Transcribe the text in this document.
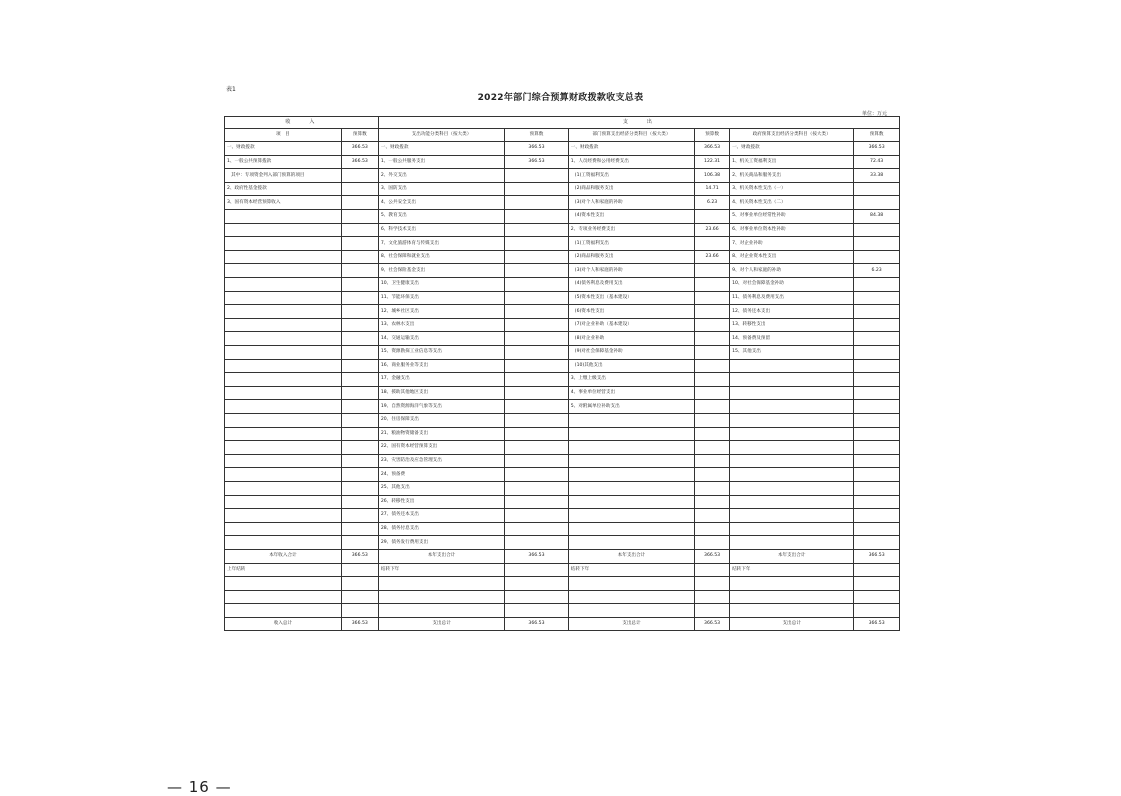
表1
2022年部门综合预算财政拨款收支总表
单位：万元
收　　入		支　　出					
项　目	预算数	支出功能分类科目（按大类）	预算数	部门预算支出经济分类科目（按大类）	预算数	政府预算支出经济分类科目（按大类）	预算数
一、财政拨款	366.53	一、财政拨款	366.53	一、财政拨款	366.53	一、财政拨款	366.53
1、一般公共预算拨款	366.53	1、一般公共服务支出	366.53	1、人员经费和公用经费支出	122.31	1、机关工资福利支出	72.43
其中：专项资金列入部门预算的项目		2、外交支出		(1)工资福利支出	106.38	2、机关商品和服务支出	33.38
2、政府性基金拨款		3、国防支出		(2)商品和服务支出	14.71	3、机关资本性支出（一）	
3、国有资本经营预算收入		4、公共安全支出		(3)对个人和家庭的补助	6.23	4、机关资本性支出（二）	
		5、教育支出		(4)资本性支出		5、对事业单位经常性补助	84.38
		6、科学技术支出		2、专项业务经费支出	23.66	6、对事业单位资本性补助	
		7、文化旅游体育与传媒支出		(1)工资福利支出		7、对企业补助	
		8、社会保障和就业支出		(2)商品和服务支出	23.66	8、对企业资本性支出	
		9、社会保险基金支出		(3)对个人和家庭的补助		9、对个人和家庭的补助	6.23
		10、卫生健康支出		(4)债务利息及费用支出		10、对社会保障基金补助	
		11、节能环保支出		(5)资本性支出（基本建设）		11、债务利息及费用支出	
		12、城乡社区支出		(6)资本性支出		12、债务还本支出	
		13、农林水支出		(7)对企业补助（基本建设）		13、转移性支出	
		14、交通运输支出		(8)对企业补助		14、预备费及预留	
		15、资源勘探工业信息等支出		(9)对社会保障基金补助		15、其他支出	
		16、商业服务业等支出		(10)其他支出			
		17、金融支出		3、上缴上级支出			
		18、援助其他地区支出		4、事业单位经营支出			
		19、自然资源海洋气象等支出		5、对附属单位补助支出			
		20、住房保障支出					
		21、粮油物资储备支出					
		22、国有资本经营预算支出					
		23、灾害防治及应急管理支出					
		24、预备费					
		25、其他支出					
		26、转移性支出					
		27、债务还本支出					
		28、债务付息支出					
		29、债务发行费用支出					
本年收入合计	366.53	本年支出合计	366.53	本年支出合计	366.53	本年支出合计	366.53
上年结转		结转下年		结转下年		结转下年	

收入总计	366.53	支出总计	366.53	支出总计	366.53	支出总计	366.53
— 16 —
